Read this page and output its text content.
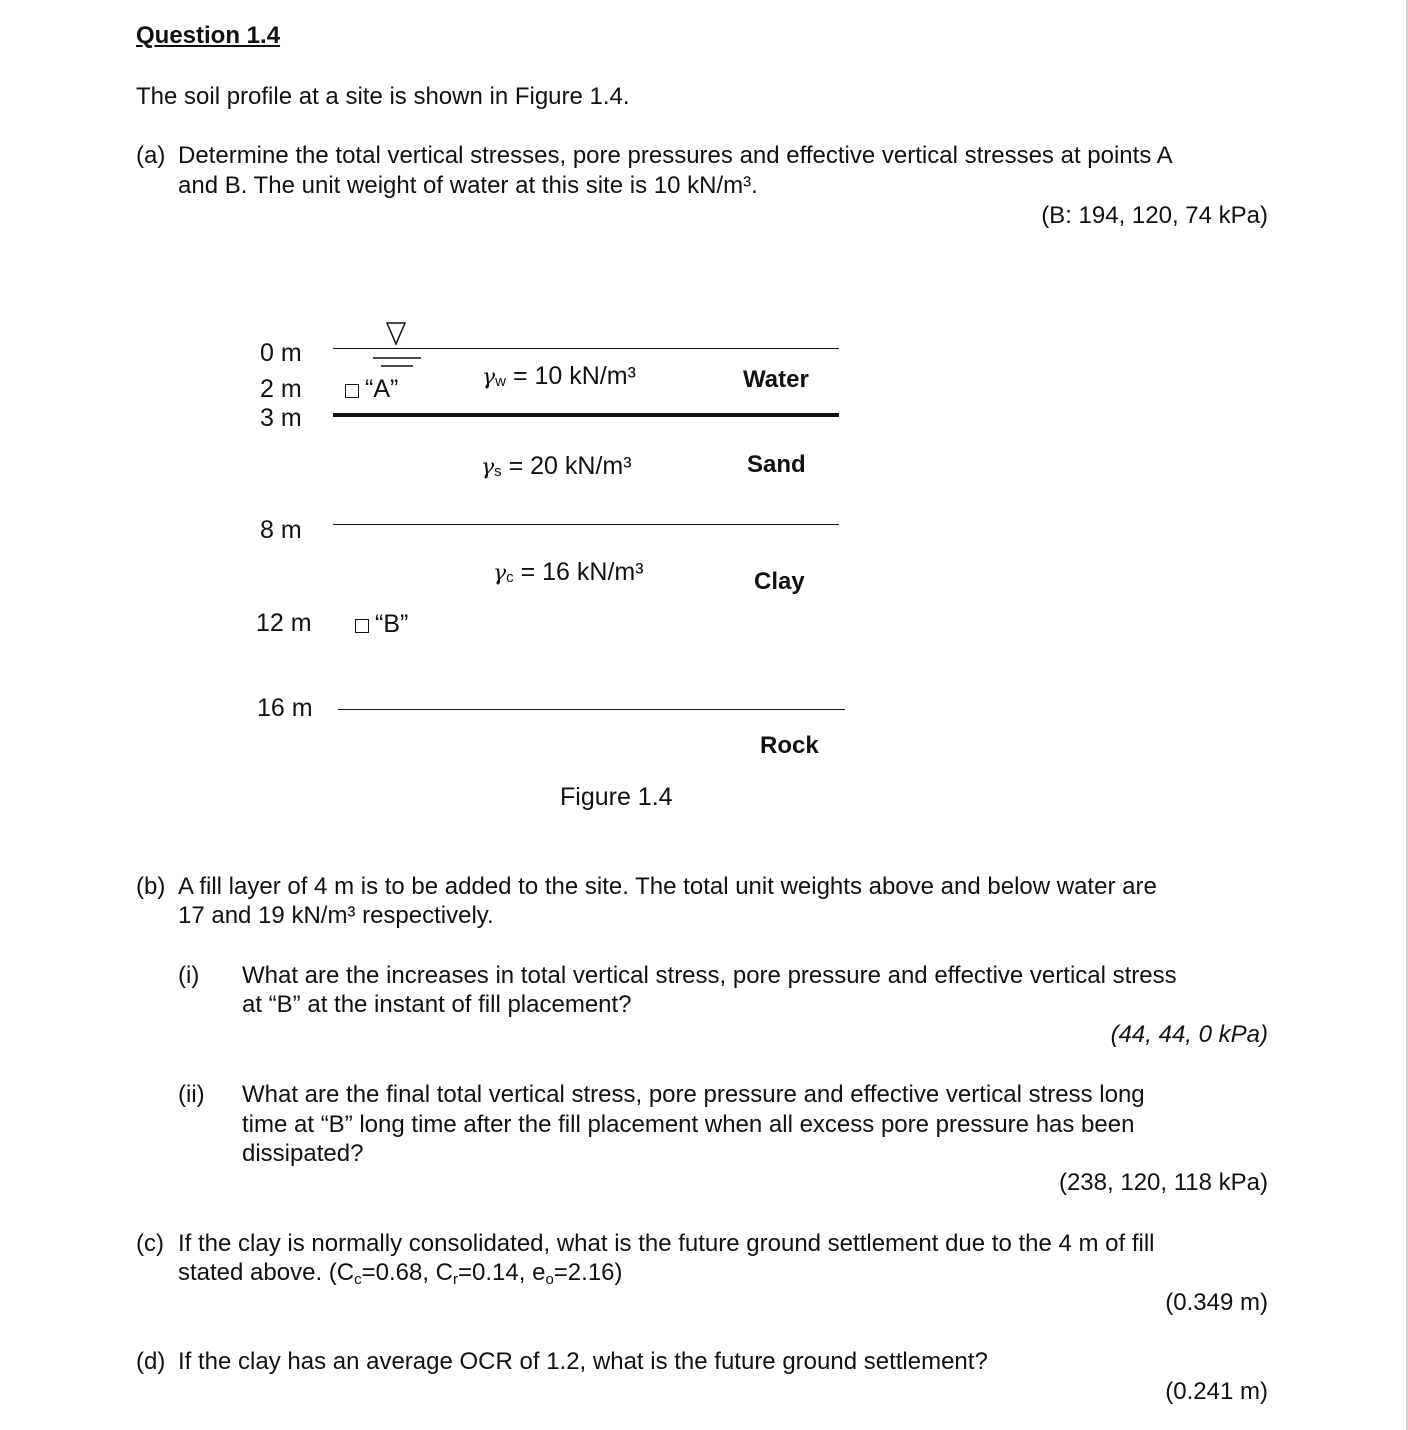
Question 1.4
The soil profile at a site is shown in Figure 1.4.
(a) Determine the total vertical stresses, pore pressures and effective vertical stresses at points A
and B. The unit weight of water at this site is 10 kN/m³.
(B: 194, 120, 74 kPa)
0 m
2 m
3 m
8 m
12 m
16 m
“A”
“B”
γw = 10 kN/m³
γs = 20 kN/m³
γc = 16 kN/m³
Water
Sand
Clay
Rock
Figure 1.4
(b) A fill layer of 4 m is to be added to the site. The total unit weights above and below water are
17 and 19 kN/m³ respectively.
(i) What are the increases in total vertical stress, pore pressure and effective vertical stress
at “B” at the instant of fill placement?
(44, 44, 0 kPa)
(ii) What are the final total vertical stress, pore pressure and effective vertical stress long
time at “B” long time after the fill placement when all excess pore pressure has been
dissipated?
(238, 120, 118 kPa)
(c) If the clay is normally consolidated, what is the future ground settlement due to the 4 m of fill
stated above. (Cc=0.68, Cr=0.14, eo=2.16)
(0.349 m)
(d) If the clay has an average OCR of 1.2, what is the future ground settlement?
(0.241 m)
